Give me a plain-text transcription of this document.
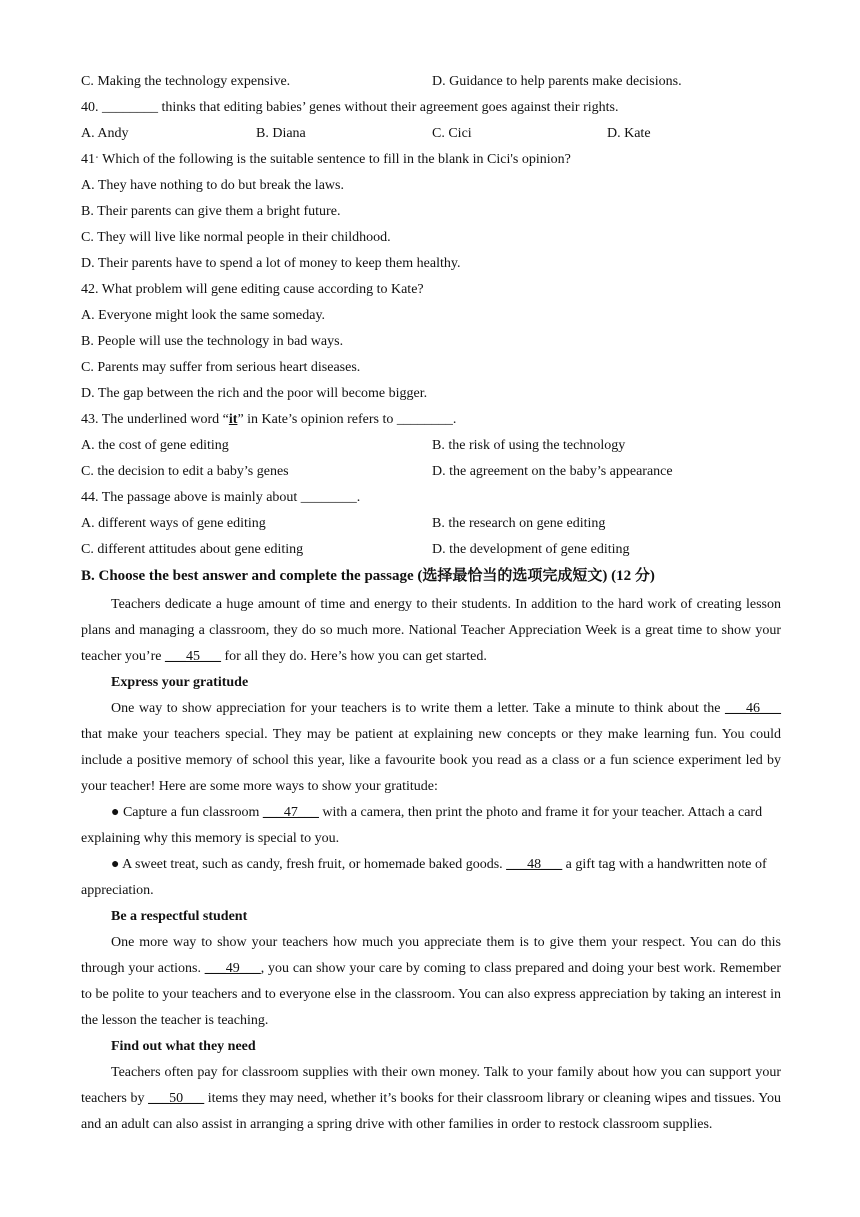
C. Making the technology expensive.	D. Guidance to help parents make decisions.
40. ________ thinks that editing babies’ genes without their agreement goes against their rights.
A. Andy	B. Diana	C. Cici	D. Kate
41ˑ Which of the following is the suitable sentence to fill in the blank in Cici's opinion?
A. They have nothing to do but break the laws.
B. Their parents can give them a bright future.
C. They will live like normal people in their childhood.
D. Their parents have to spend a lot of money to keep them healthy.
42. What problem will gene editing cause according to Kate?
A. Everyone might look the same someday.
B. People will use the technology in bad ways.
C. Parents may suffer from serious heart diseases.
D. The gap between the rich and the poor will become bigger.
43. The underlined word “it” in Kate’s opinion refers to ________.
A. the cost of gene editing	B. the risk of using the technology
C. the decision to edit a baby’s genes	D. the agreement on the baby’s appearance
44. The passage above is mainly about ________.
A. different ways of gene editing	B. the research on gene editing
C. different attitudes about gene editing	D. the development of gene editing
B. Choose the best answer and complete the passage (选择最恰当的选项完成短文) (12 分)
Teachers dedicate a huge amount of time and energy to their students. In addition to the hard work of creating lesson plans and managing a classroom, they do so much more. National Teacher Appreciation Week is a great time to show your teacher you’re ___45___ for all they do. Here’s how you can get started.
Express your gratitude
One way to show appreciation for your teachers is to write them a letter. Take a minute to think about the ___46___ that make your teachers special. They may be patient at explaining new concepts or they make learning fun. You could include a positive memory of school this year, like a favourite book you read as a class or a fun science experiment led by your teacher! Here are some more ways to show your gratitude:
● Capture a fun classroom ___47___ with a camera, then print the photo and frame it for your teacher. Attach a card explaining why this memory is special to you.
● A sweet treat, such as candy, fresh fruit, or homemade baked goods. ___48___ a gift tag with a handwritten note of appreciation.
Be a respectful student
One more way to show your teachers how much you appreciate them is to give them your respect. You can do this through your actions. ___49___, you can show your care by coming to class prepared and doing your best work. Remember to be polite to your teachers and to everyone else in the classroom. You can also express appreciation by taking an interest in the lesson the teacher is teaching.
Find out what they need
Teachers often pay for classroom supplies with their own money. Talk to your family about how you can support your teachers by ___50___ items they may need, whether it’s books for their classroom library or cleaning wipes and tissues. You and an adult can also assist in arranging a spring drive with other families in order to restock classroom supplies.
